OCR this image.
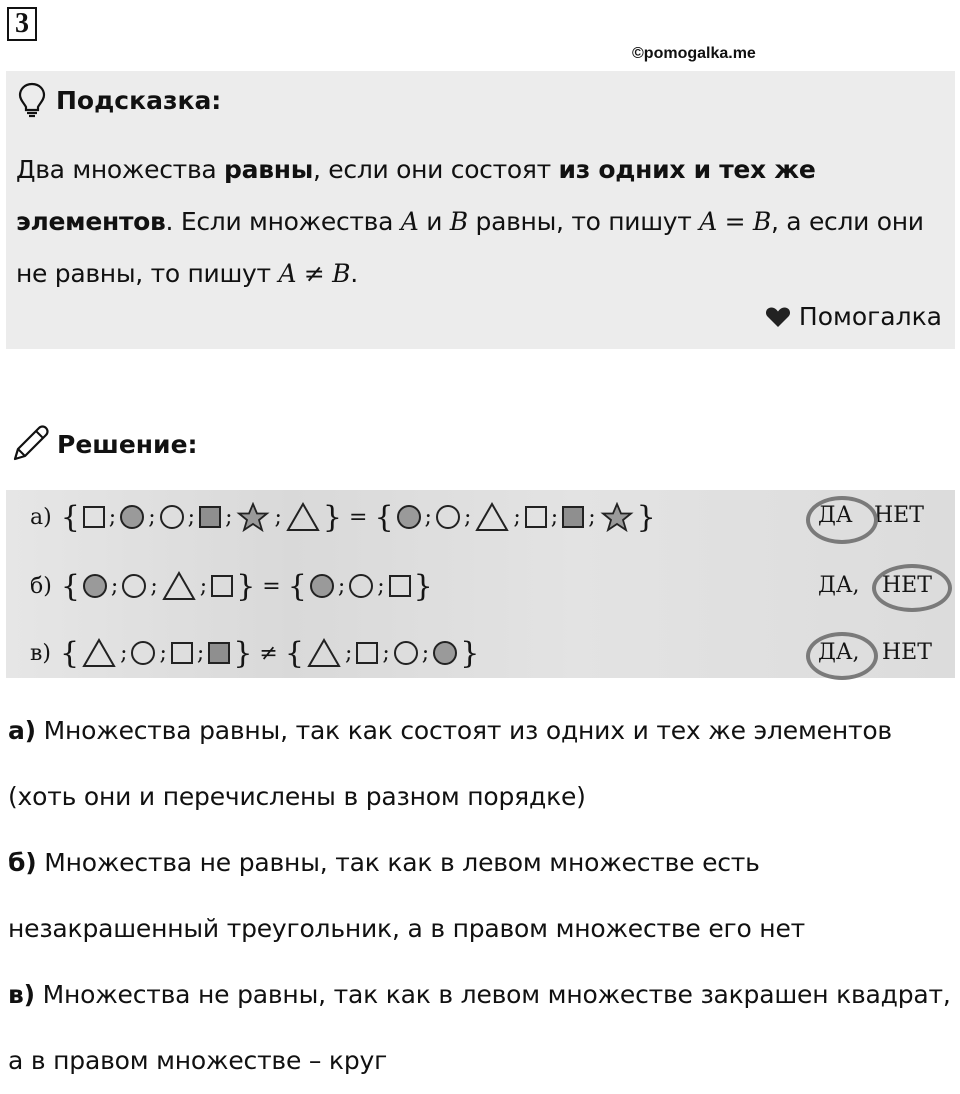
3
©pomogalka.me
Подсказка:
Два множества равны, если они состоят из одних и тех же элементов. Если множества A и B равны, то пишут A = B, а если они не равны, то пишут A ≠ B.
Помогалка
Решение:
а) { ; ; ; ; ; } = { ; ; ; ; ; }	ДА НЕТ
б) { ; ; ; } = { ; ; }	ДА, НЕТ
в) { ; ; ; } ≠ { ; ; ; }	ДА, НЕТ

а) Множества равны, так как состоят из одних и тех же элементов (хоть они и перечислены в разном порядке)

б) Множества не равны, так как в левом множестве есть незакрашенный треугольник, а в правом множестве его нет

в) Множества не равны, так как в левом множестве закрашен квадрат, а в правом множестве – круг
